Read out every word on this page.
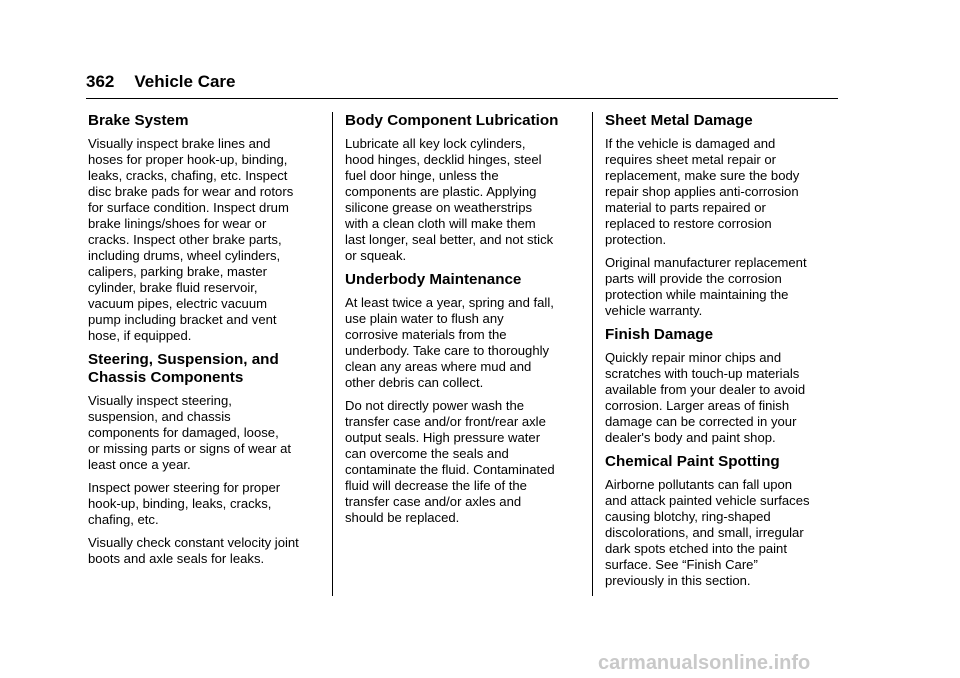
362 Vehicle Care
Brake System

Visually inspect brake lines and
hoses for proper hook-up, binding,
leaks, cracks, chafing, etc. Inspect
disc brake pads for wear and rotors
for surface condition. Inspect drum
brake linings/shoes for wear or
cracks. Inspect other brake parts,
including drums, wheel cylinders,
calipers, parking brake, master
cylinder, brake fluid reservoir,
vacuum pipes, electric vacuum
pump including bracket and vent
hose, if equipped.

Steering, Suspension, and
Chassis Components

Visually inspect steering,
suspension, and chassis
components for damaged, loose,
or missing parts or signs of wear at
least once a year.

Inspect power steering for proper
hook-up, binding, leaks, cracks,
chafing, etc.

Visually check constant velocity joint
boots and axle seals for leaks.

Body Component Lubrication

Lubricate all key lock cylinders,
hood hinges, decklid hinges, steel
fuel door hinge, unless the
components are plastic. Applying
silicone grease on weatherstrips
with a clean cloth will make them
last longer, seal better, and not stick
or squeak.

Underbody Maintenance

At least twice a year, spring and fall,
use plain water to flush any
corrosive materials from the
underbody. Take care to thoroughly
clean any areas where mud and
other debris can collect.

Do not directly power wash the
transfer case and/or front/rear axle
output seals. High pressure water
can overcome the seals and
contaminate the fluid. Contaminated
fluid will decrease the life of the
transfer case and/or axles and
should be replaced.

Sheet Metal Damage

If the vehicle is damaged and
requires sheet metal repair or
replacement, make sure the body
repair shop applies anti-corrosion
material to parts repaired or
replaced to restore corrosion
protection.

Original manufacturer replacement
parts will provide the corrosion
protection while maintaining the
vehicle warranty.

Finish Damage

Quickly repair minor chips and
scratches with touch-up materials
available from your dealer to avoid
corrosion. Larger areas of finish
damage can be corrected in your
dealer's body and paint shop.

Chemical Paint Spotting

Airborne pollutants can fall upon
and attack painted vehicle surfaces
causing blotchy, ring-shaped
discolorations, and small, irregular
dark spots etched into the paint
surface. See “Finish Care”
previously in this section.

carmanualsonline.info
